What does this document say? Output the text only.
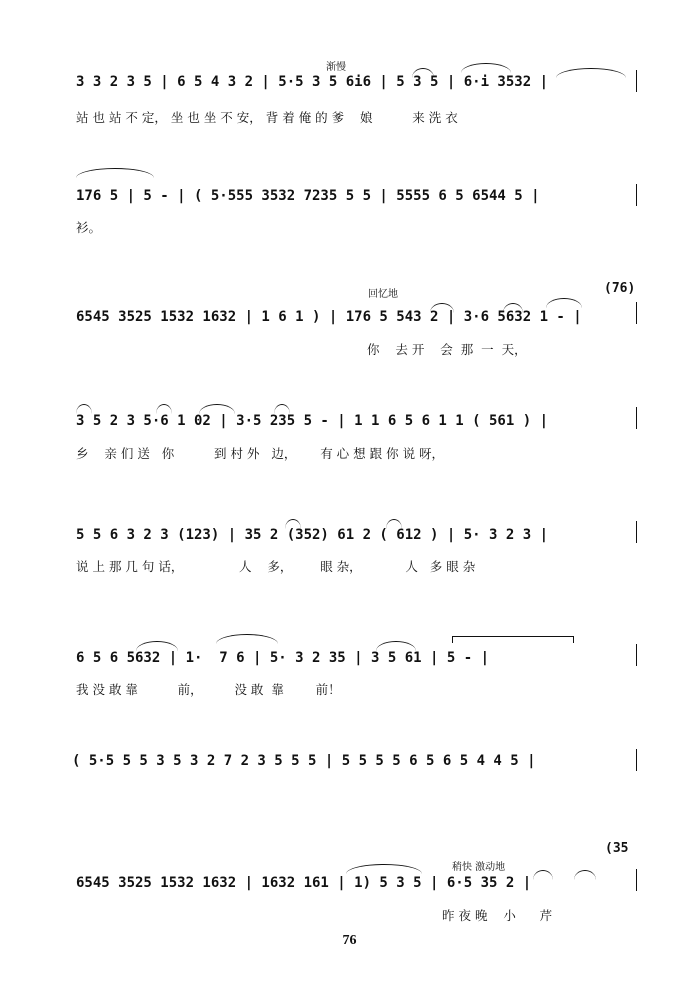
渐慢

3 3 2 3 5 | 6 5 4 3 2 | 5·5 3 5 6i6 | 5 3 5 | 6·i 3532 |

站 也 站 不 定， 坐 也 坐 不 安， 背 着 俺 的 爹    娘          来 洗 衣

176 5 | 5 - | ( 5·555 3532 7235 5 5 | 5555 6 5 6544 5 |

衫。

回忆地	(76)

6545 3525 1532 1632 | 1 6 1 ) | 176 5 543 2 | 3·6 5632 1 - |

你    去 开    会  那  一  天，

3 5 2 3 5·6 1 02 | 3·5 235 5 - | 1 1 6 5 6 1 1 ( 561 ) |

乡    亲 们 送   你          到 村 外   边，      有 心 想 跟 你 说 呀，

5 5 6 3 2 3 (123) | 35 2 (352) 61 2 ( 612 ) | 5· 3 2 3 |

说 上 那 几 句 话，              人    多，       眼 杂，           人   多 眼 杂

6 5 6 5632 | 1·  7 6 | 5· 3 2 35 | 3 5 61 | 5 - |

我 没 敢 靠          前，        没 敢  靠        前！

( 5·5 5 5 3 5 3 2 7 2 3 5 5 5 | 5 5 5 5 6 5 6 5 4 4 5 |

稍快 激动地
(35

6545 3525 1532 1632 | 1632 161 | 1) 5 3 5 | 6·5 35 2 |

昨 夜 晚    小      芹

76
